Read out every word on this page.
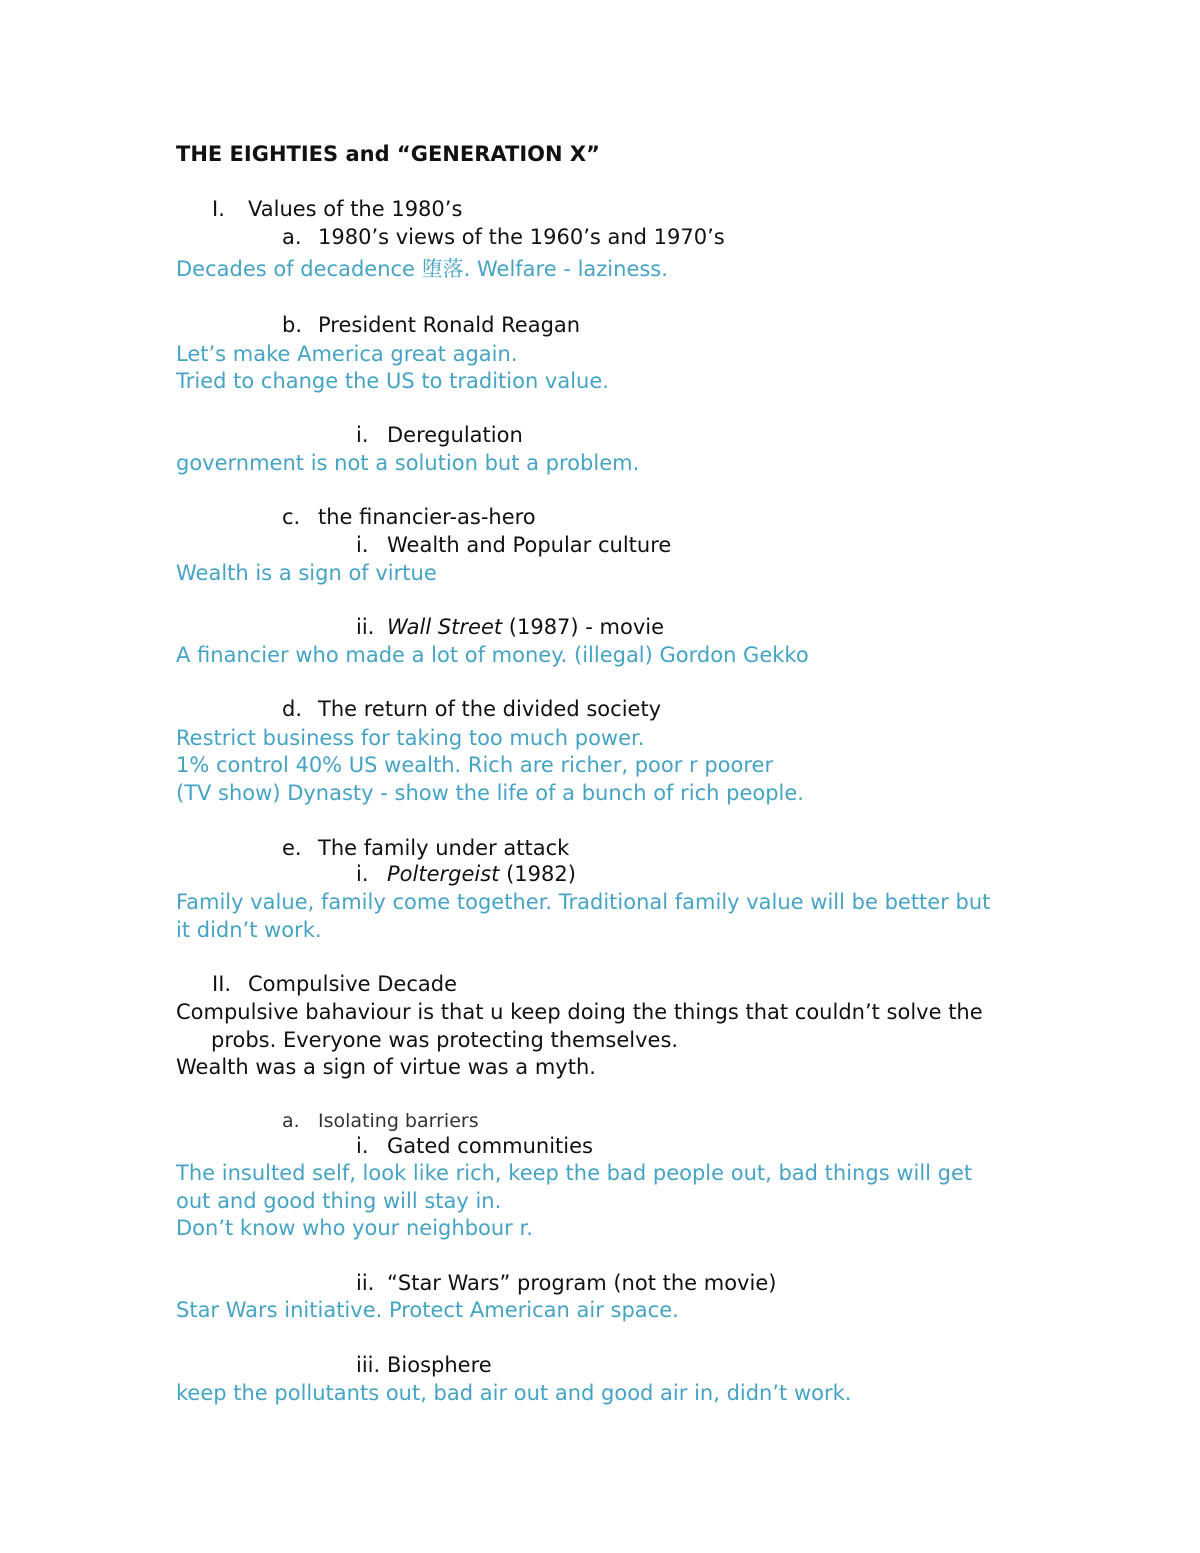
THE EIGHTIES and “GENERATION X”
I. Values of the 1980’s
a. 1980’s views of the 1960’s and 1970’s
Decades of decadence 堕落. Welfare - laziness.
b. President Ronald Reagan
Let’s make America great again.
Tried to change the US to tradition value.
i. Deregulation
government is not a solution but a problem.
c. the financier-as-hero
i. Wealth and Popular culture
Wealth is a sign of virtue
ii. Wall Street (1987) - movie
A financier who made a lot of money. (illegal) Gordon Gekko
d. The return of the divided society
Restrict business for taking too much power.
1% control 40% US wealth. Rich are richer, poor r poorer
(TV show) Dynasty - show the life of a bunch of rich people.
e. The family under attack
i. Poltergeist (1982)
Family value, family come together. Traditional family value will be better but
it didn’t work.
II. Compulsive Decade
Compulsive bahaviour is that u keep doing the things that couldn’t solve the
probs. Everyone was protecting themselves.
Wealth was a sign of virtue was a myth.
a. Isolating barriers
i. Gated communities
The insulted self, look like rich, keep the bad people out, bad things will get
out and good thing will stay in.
Don’t know who your neighbour r.
ii. “Star Wars” program (not the movie)
Star Wars initiative. Protect American air space.
iii. Biosphere
keep the pollutants out, bad air out and good air in, didn’t work.
